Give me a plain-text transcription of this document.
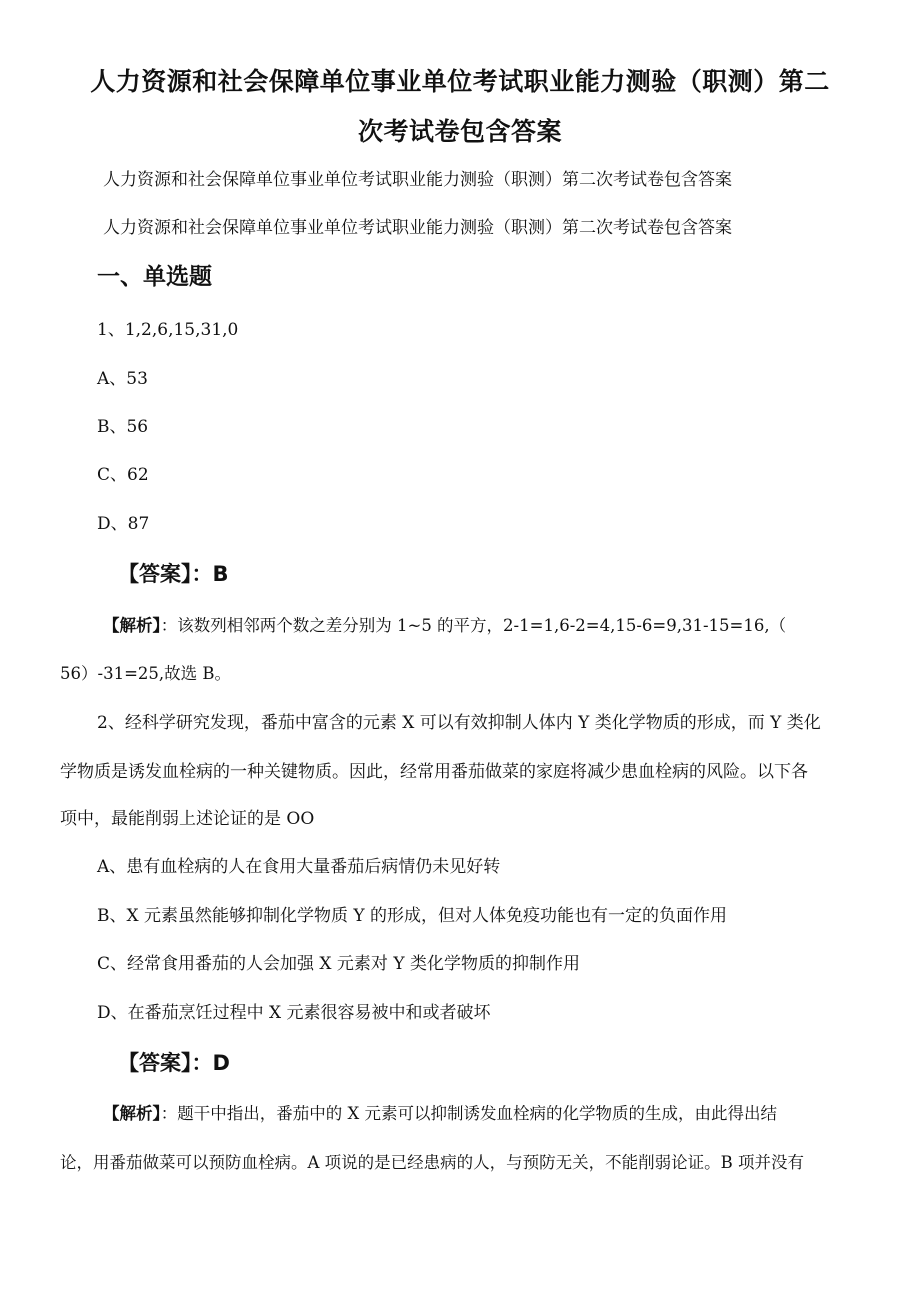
人力资源和社会保障单位事业单位考试职业能力测验（职测）第二
次考试卷包含答案
人力资源和社会保障单位事业单位考试职业能力测验（职测）第二次考试卷包含答案
人力资源和社会保障单位事业单位考试职业能力测验（职测）第二次考试卷包含答案
一、单选题
1、1,2,6,15,31,0
A、53
B、56
C、62
D、87
【答案】：B
【解析】：该数列相邻两个数之差分别为 1~5 的平方，2-1=1,6-2=4,15-6=9,31-15=16,（
56）-31=25,故选 B。
2、经科学研究发现，番茄中富含的元素 X 可以有效抑制人体内 Y 类化学物质的形成，而 Y 类化
学物质是诱发血栓病的一种关键物质。因此，经常用番茄做菜的家庭将减少患血栓病的风险。以下各
项中，最能削弱上述论证的是 OO
A、患有血栓病的人在食用大量番茄后病情仍未见好转
B、X 元素虽然能够抑制化学物质 Y 的形成，但对人体免疫功能也有一定的负面作用
C、经常食用番茄的人会加强 X 元素对 Y 类化学物质的抑制作用
D、在番茄烹饪过程中 X 元素很容易被中和或者破坏
【答案】：D
【解析】：题干中指出，番茄中的 X 元素可以抑制诱发血栓病的化学物质的生成，由此得出结
论，用番茄做菜可以预防血栓病。A 项说的是已经患病的人，与预防无关，不能削弱论证。B 项并没有
